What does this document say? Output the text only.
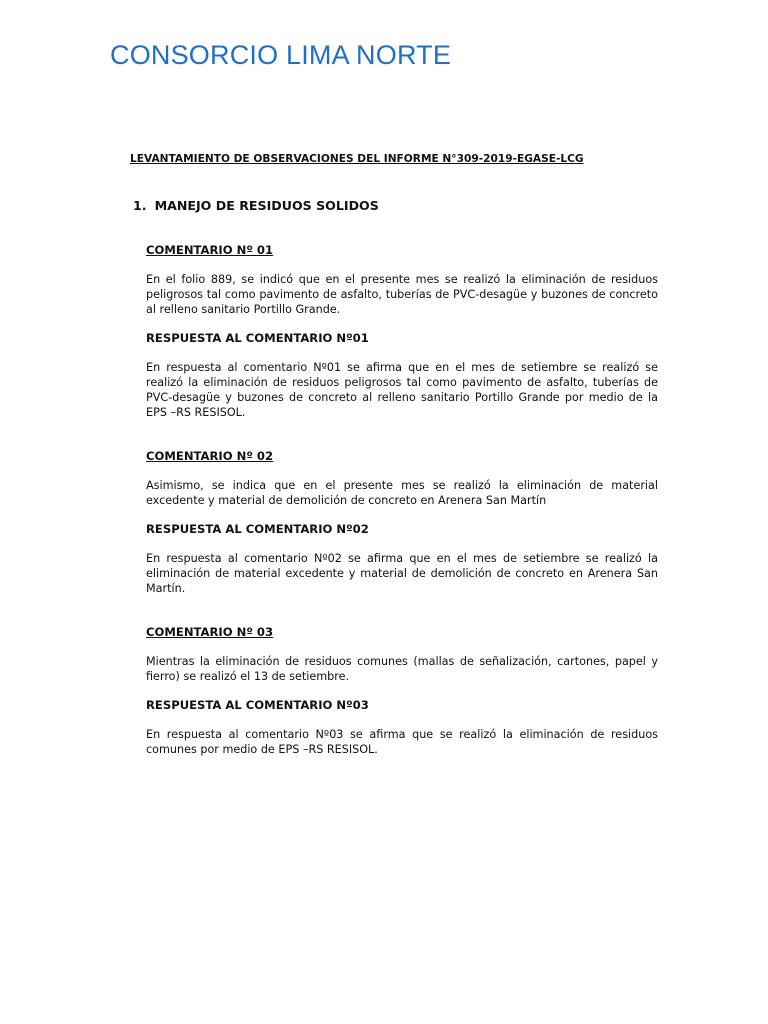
CONSORCIO LIMA NORTE
LEVANTAMIENTO DE OBSERVACIONES DEL INFORME N°309-2019-EGASE-LCG
1. MANEJO DE RESIDUOS SOLIDOS
COMENTARIO Nº 01

En el folio 889, se indicó que en el presente mes se realizó la eliminación de residuos peligrosos tal como pavimento de asfalto, tuberías de PVC-desagüe y buzones de concreto al relleno sanitario Portillo Grande.

RESPUESTA AL COMENTARIO Nº01

En respuesta al comentario Nº01 se afirma que en el mes de setiembre se realizó se realizó la eliminación de residuos peligrosos tal como pavimento de asfalto, tuberías de PVC-desagüe y buzones de concreto al relleno sanitario Portillo Grande por medio de la EPS –RS RESISOL.

COMENTARIO Nº 02

Asimismo, se indica que en el presente mes se realizó la eliminación de material excedente y material de demolición de concreto en Arenera San Martín

RESPUESTA AL COMENTARIO Nº02

En respuesta al comentario Nº02 se afirma que en el mes de setiembre se realizó la eliminación de material excedente y material de demolición de concreto en Arenera San Martín.

COMENTARIO Nº 03

Mientras la eliminación de residuos comunes (mallas de señalización, cartones, papel y fierro) se realizó el 13 de setiembre.

RESPUESTA AL COMENTARIO Nº03

En respuesta al comentario Nº03 se afirma que se realizó la eliminación de residuos comunes por medio de EPS –RS RESISOL.
